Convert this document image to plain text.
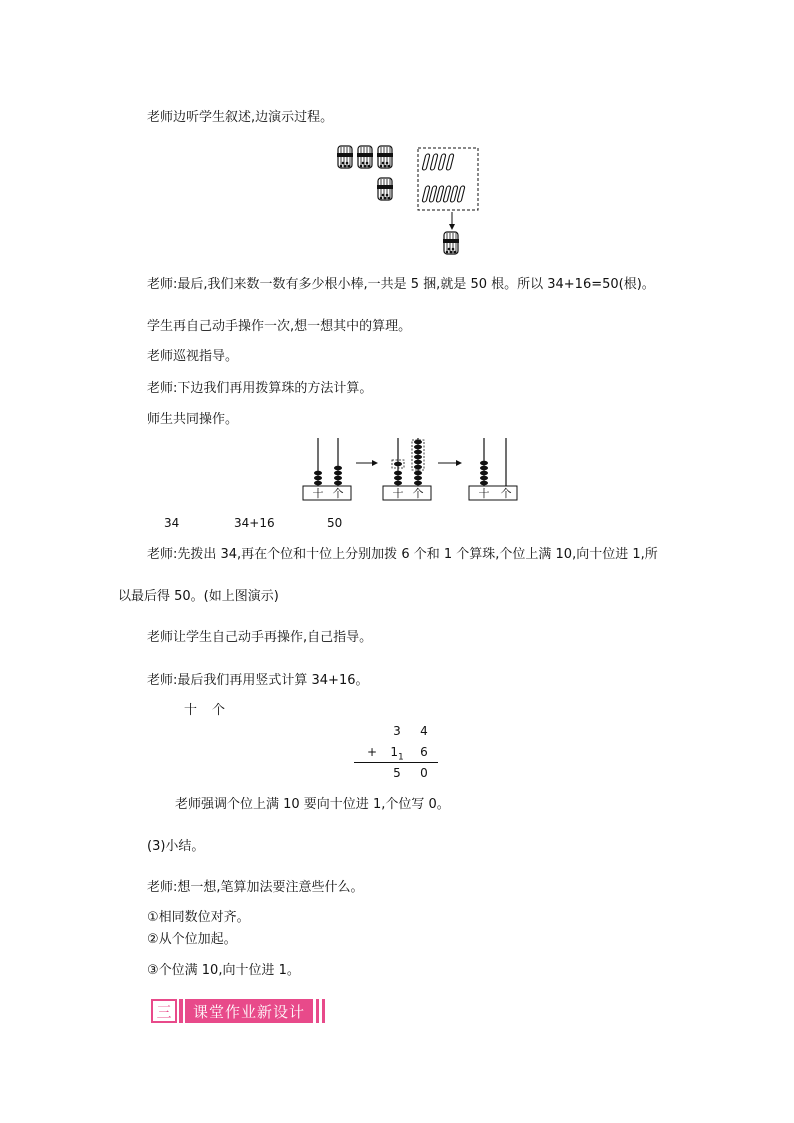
老师边听学生叙述,边演示过程。
老师:最后,我们来数一数有多少根小棒,一共是 5 捆,就是 50 根。所以 34+16=50(根)。
学生再自己动手操作一次,想一想其中的算理。
老师巡视指导。
老师:下边我们再用拨算珠的方法计算。
师生共同操作。
十 个	十 个	十 个
34	34+16	50
老师:先拨出 34,再在个位和十位上分别加拨 6 个和 1 个算珠,个位上满 10,向十位进 1,所
以最后得 50。(如上图演示)
老师让学生自己动手再操作,自己指导。
老师:最后我们再用竖式计算 34+16。
十 个
3	4
+	$1_1$	6
5	0
老师强调个位上满 10 要向十位进 1,个位写 0。
(3)小结。
老师:想一想,笔算加法要注意些什么。
①相同数位对齐。
②从个位加起。
③个位满 10,向十位进 1。
三	课堂作业新设计
